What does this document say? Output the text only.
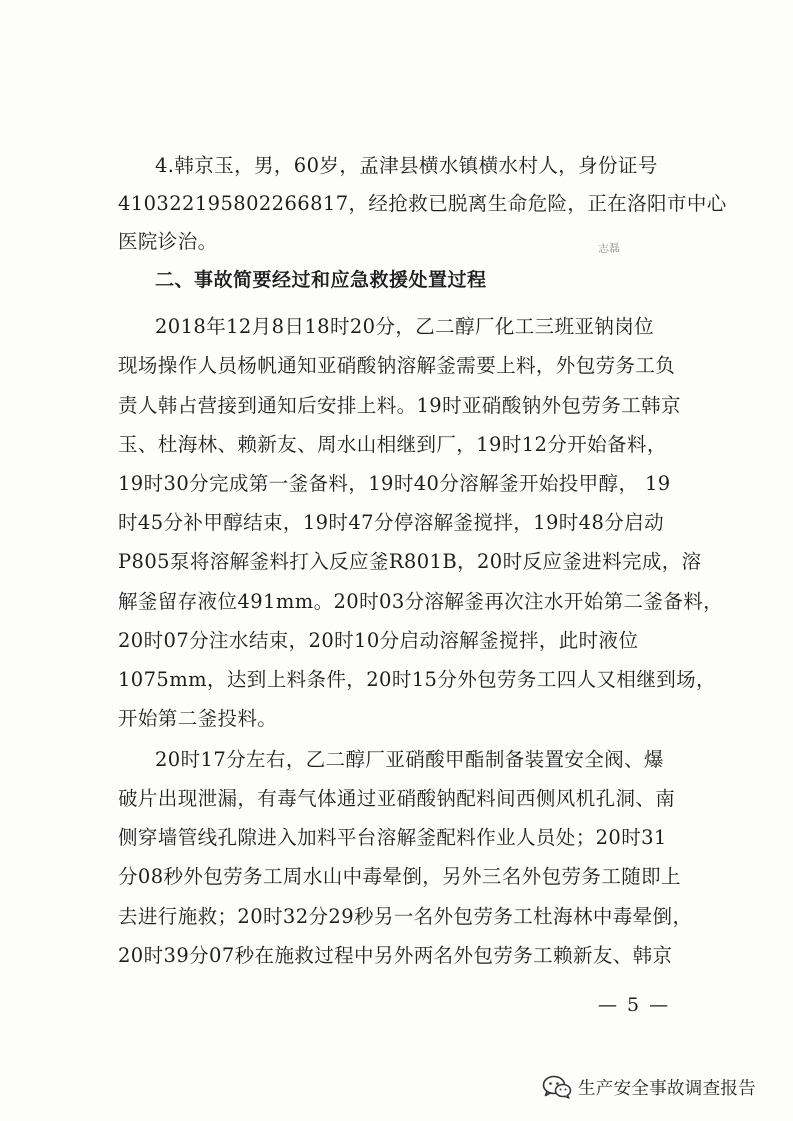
4.韩京玉，男，60岁，孟津县横水镇横水村人，身份证号
410322195802266817，经抢救已脱离生命危险，正在洛阳市中心
医院诊治。	志磊
二、事故简要经过和应急救援处置过程
2018年12月8日18时20分，乙二醇厂化工三班亚钠岗位
现场操作人员杨帆通知亚硝酸钠溶解釜需要上料，外包劳务工负
责人韩占营接到通知后安排上料。19时亚硝酸钠外包劳务工韩京
玉、杜海林、赖新友、周水山相继到厂，19时12分开始备料，
19时30分完成第一釜备料，19时40分溶解釜开始投甲醇， 19
时45分补甲醇结束，19时47分停溶解釜搅拌，19时48分启动
P805泵将溶解釜料打入反应釜R801B，20时反应釜进料完成，溶
解釜留存液位491mm。20时03分溶解釜再次注水开始第二釜备料，
20时07分注水结束，20时10分启动溶解釜搅拌，此时液位
1075mm，达到上料条件，20时15分外包劳务工四人又相继到场，
开始第二釜投料。
20时17分左右，乙二醇厂亚硝酸甲酯制备装置安全阀、爆
破片出现泄漏，有毒气体通过亚硝酸钠配料间西侧风机孔洞、南
侧穿墙管线孔隙进入加料平台溶解釜配料作业人员处；20时31
分08秒外包劳务工周水山中毒晕倒，另外三名外包劳务工随即上
去进行施救；20时32分29秒另一名外包劳务工杜海林中毒晕倒，
20时39分07秒在施救过程中另外两名外包劳务工赖新友、韩京
— 5 —
生产安全事故调查报告
